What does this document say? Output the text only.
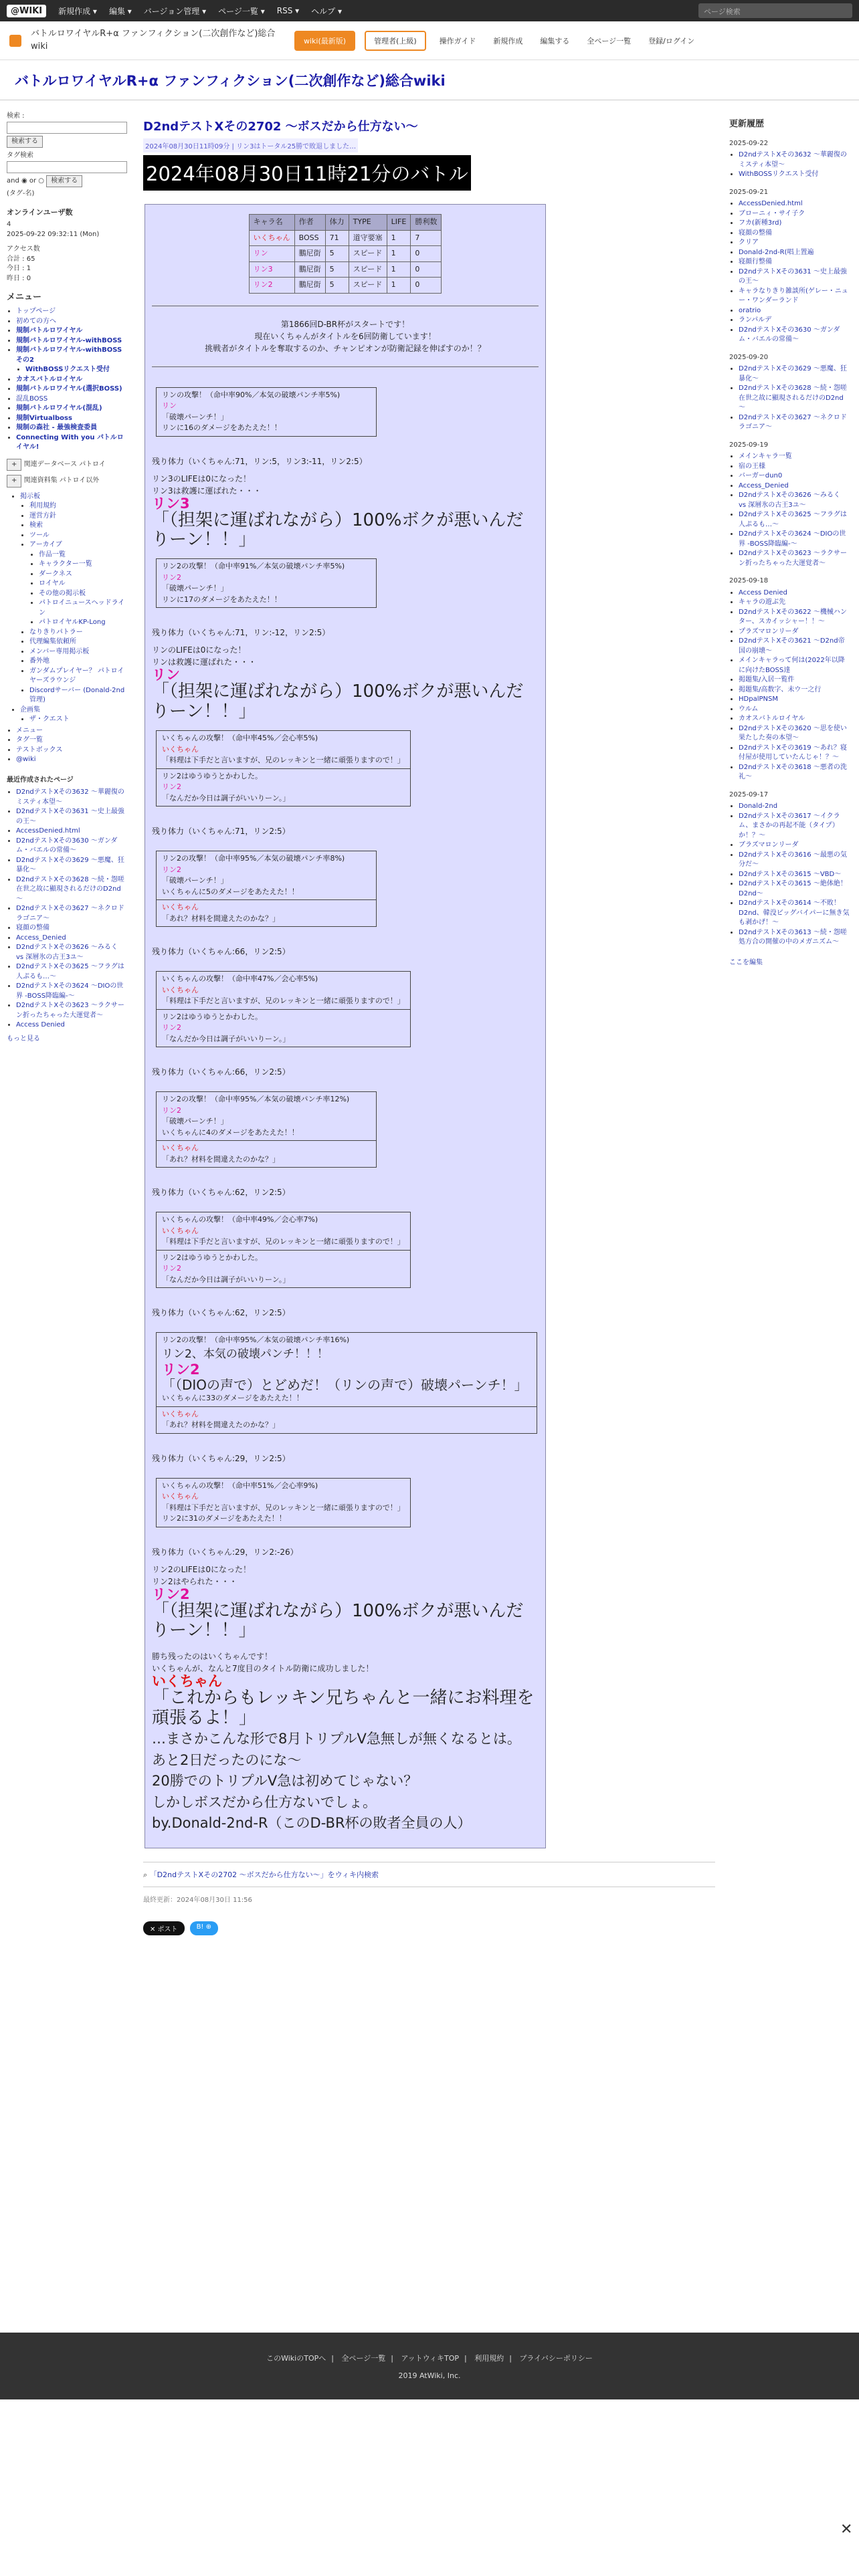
@WIKI	新規作成 ▾ 編集 ▾ バージョン管理 ▾ ページ一覧 ▾ RSS ▾ ヘルプ ▾	ページ検索
バトルロワイヤルR+α ファンフィクション(二次創作など)総合wiki
wiki(最新版)	管理者(上級)	操作ガイド	新規作成	編集する	全ページ一覧	登録/ログイン
バトルロワイヤルR+α ファンフィクション(二次創作など)総合wiki
検索 :
検索する
タグ検索
and ◉ or ○ 検索する
(タグ-名)
オンラインユーザ数
4
2025-09-22 09:32:11 (Mon)
アクセス数
合計 : 65
今日 : 1
昨日 : 0
メニュー
• トップページ
• 初めての方へ
• 規制バトルロワイヤル
• 規制バトルロワイヤル-withBOSS
• 規制バトルロワイヤル-withBOSSその2
• WithBOSSリクエスト受付
• カオスバトルロイヤル
• 規制バトルロワイヤル(選択BOSS)
• 混乱BOSS
• 規制バトルロワイヤル(混乱)
• 規制Virtualboss
• 規制の森社 - 最強検査委員
• Connecting With you パトルロイヤル!
+ 関連データベース パトロイ
+ 関連資料集 パトロイ以外
• 掲示板
• 利用規約
• 運営方針
• 検索
• ツール
• アーカイブ
• 作品一覧
• キャラクター一覧
• ダークネス
• ロイヤル
• その他の掲示板
• パトロイニュースヘッドライン
• パトロイヤルKP-Long
• なりきりパトラー
• 代理編集依頼所
• メンバー専用掲示板
• 番外地
• ガンダムプレイヤー？ パトロイヤーズラウンジ
• Discordサーバー (Donald-2nd管理)
• 企画集
• ザ・クエスト
• メニュー
• タグ一覧
• テストボックス
• @wiki
最近作成されたページ
• D2ndテストXその3632 ～華麗復のミスティ本望～
• D2ndテストXその3631 ～史上最強の王～
• AccessDenied.html
• D2ndテストXその3630 ～ガンダム・バエルの常備～
• D2ndテストXその3629 ～悪魔、狂暴化～
• D2ndテストXその3628 ～続・怨嗟在世之故に顯現されるだけのD2nd～
• D2ndテストXその3627 ～ネクロドラゴニア～
• 寝顔の整備
• Access_Denied
• D2ndテストXその3626 ～みるく vs 深層氷の古王3ユ～
• D2ndテストXその3625 ～フラグは人ぷるも…～
• D2ndテストXその3624 ～DIOの世界 -BOSS降臨編-～
• D2ndテストXその3623 ～ラクサーン折ったちゃった大運覚者～
• Access Denied
もっと見る
D2ndテストXその2702 ～ボスだから仕方ない～
2024年08月30日11時09分 | リン3はトータル25勝で敗退しました…
2024年08月30日11時21分のバトル
キャラ名	作者	体力	TYPE	LIFE	勝利数
いくちゃん	BOSS	71	道守要塞	1	7
リン	鵬尼街	5	スピード	1	0
リン3	鵬尼街	5	スピード	1	0
リン2	鵬尼街	5	スピード	1	0
第1866回D-BR杯がスタートです！
現在いくちゃんがタイトルを6回防衛しています！
挑戦者がタイトルを奪取するのか、チャンピオンが防衛記録を伸ばすのか！？
リンの攻撃！（命中率90%／本気の破壊パンチ率5%)
リン
「破壊パーンチ！」
リンに16のダメージをあたえた！！
残り体力（いくちゃん:71，リン:5，リン3:-11，リン2:5）
リン3のLIFEは0になった！
リン3は救護に運ばれた・・・
リン3
「（担架に運ばれながら）100%ボクが悪いんだりーン！！」
リン2の攻撃！（命中率91%／本気の破壊パンチ率5%)
リン2
「破壊パーンチ！」
リンに17のダメージをあたえた！！
残り体力（いくちゃん:71，リン:-12，リン2:5）
リンのLIFEは0になった！
リンは救護に運ばれた・・・
リン
「（担架に運ばれながら）100%ボクが悪いんだりーン！！」
いくちゃんの攻撃！（命中率45%／会心率5%)
いくちゃん
「料理は下手だと言いますが、兄のレッキンと一緒に頑張りますので！」
リン2はゆうゆうとかわした。
リン2
「なんだか今日は調子がいいりーン。」
残り体力（いくちゃん:71，リン2:5）
リン2の攻撃！（命中率95%／本気の破壊パンチ率8%)
リン2
「破壊パーンチ！」
いくちゃんに5のダメージをあたえた！！
いくちゃん
「あれ？材料を間違えたのかな？」
残り体力（いくちゃん:66，リン2:5）
いくちゃんの攻撃！（命中率47%／会心率5%)
いくちゃん
「料理は下手だと言いますが、兄のレッキンと一緒に頑張りますので！」
リン2はゆうゆうとかわした。
リン2
「なんだか今日は調子がいいりーン。」
残り体力（いくちゃん:66，リン2:5）
リン2の攻撃！（命中率95%／本気の破壊パンチ率12%)
リン2
「破壊パーンチ！」
いくちゃんに4のダメージをあたえた！！
いくちゃん
「あれ？材料を間違えたのかな？」
残り体力（いくちゃん:62，リン2:5）
いくちゃんの攻撃！（命中率49%／会心率7%)
いくちゃん
「料理は下手だと言いますが、兄のレッキンと一緒に頑張りますので！」
リン2はゆうゆうとかわした。
リン2
「なんだか今日は調子がいいりーン。」
残り体力（いくちゃん:62，リン2:5）
リン2の攻撃！（命中率95%／本気の破壊パンチ率16%)
リン2、本気の破壊パンチ！！！
リン2
「（DIOの声で）とどめだ！（リンの声で）破壊パーンチ！」
いくちゃんに33のダメージをあたえた！！
いくちゃん
「あれ？材料を間違えたのかな？」
残り体力（いくちゃん:29，リン2:5）
いくちゃんの攻撃！（命中率51%／会心率9%)
いくちゃん
「料理は下手だと言いますが、兄のレッキンと一緒に頑張りますので！」
リン2に31のダメージをあたえた！！
残り体力（いくちゃん:29，リン2:-26）
リン2のLIFEは0になった！
リン2はやられた・・・
リン2
「（担架に運ばれながら）100%ボクが悪いんだりーン！！」
勝ち残ったのはいくちゃんです！
いくちゃんが、なんと7度目のタイトル防衛に成功しました！
いくちゃん
「これからもレッキン兄ちゃんと一緒にお料理を頑張るよ！」
…まさかこんな形で8月トリプルV急無しが無くなるとは。
あと2日だったのにな～
20勝でのトリプルV急は初めてじゃない？
しかしボスだから仕方ないでしょ。
by.Donald-2nd-R（このD-BR杯の敗者全員の人）
⌕ 「D2ndテストXその2702 ～ボスだから仕方ない～」をウィキ内検索
最終更新：2024年08月30日 11:56
✕ ポスト	B! ⊕
更新履歴
2025-09-22
• D2ndテストXその3632 ～華麗復のミスティ本望～
• WithBOSSリクエスト受付
2025-09-21
• AccessDenied.html
• ブローニィ・サイ子ク
• フカ(新種3rd)
• 寝顔の整備
• クリア
• Donald-2nd-R(唱上置遍
• 寝顔行整備
• D2ndテストXその3631 ～史上最強の王～
• キャラなりきり雑談所(ゲレー・ニュー・ワンダーランド
• oratrio
• ランパルデ
• D2ndテストXその3630 ～ガンダム・バエルの常備～
2025-09-20
• D2ndテストXその3629 ～悪魔、狂暴化～
• D2ndテストXその3628 ～続・怨嗟在世之故に顯現されるだけのD2nd～
• D2ndテストXその3627 ～ネクロドラゴニア～
2025-09-19
• メインキャラ一覧
• 宿の王様
• バーガーdun0
• Access_Denied
• D2ndテストXその3626 ～みるく vs 深層氷の古王3ユ～
• D2ndテストXその3625 ～フラグは人ぷるも…～
• D2ndテストXその3624 ～DIOの世界 -BOSS降臨編-～
• D2ndテストXその3623 ～ラクサーン折ったちゃった大運覚者～
2025-09-18
• Access Denied
• キャラの遊ぶ先
• D2ndテストXその3622 ～機械ハンター、スカイッシャー！！～
• プラズマロンリーダ
• D2ndテストXその3621 ～D2nd帝国の崩壊～
• メインキャラって何は(2022年以降に向けたBOSS達
• 掲題集/入居一覧件
• 掲題集/高数字、未ウ一之行
• HDpalPNSM
• ウルム
• カオスバトルロイヤル
• D2ndテストXその3620 ～思を使い果たした奏の本望～
• D2ndテストXその3619 ～あれ？寝付屋が使用していたんじゃ！？～
• D2ndテストXその3618 ～悪者の洗礼～
2025-09-17
• Donald-2nd
• D2ndテストXその3617 ～イクラム、まさかの再起不能（タイプ）か！？～
• ブラズマロンリーダ
• D2ndテストXその3616 ～最悪の気分だ～
• D2ndテストXその3615 ～VBD～
• D2ndテストXその3615 ～絶体絶！D2nd～
• D2ndテストXその3614 ～不敗！D2nd、韓没ビッグバイパーに無き気も剥かげ！～
• D2ndテストXその3613 ～続・怨嗟処方合の開催の中のメガニズム～
ここを編集
このWikiのTOPへ | 全ページ一覧 | アットウィキTOP | 利用規約 | プライバシーポリシー
2019 AtWiki, Inc.
✕
